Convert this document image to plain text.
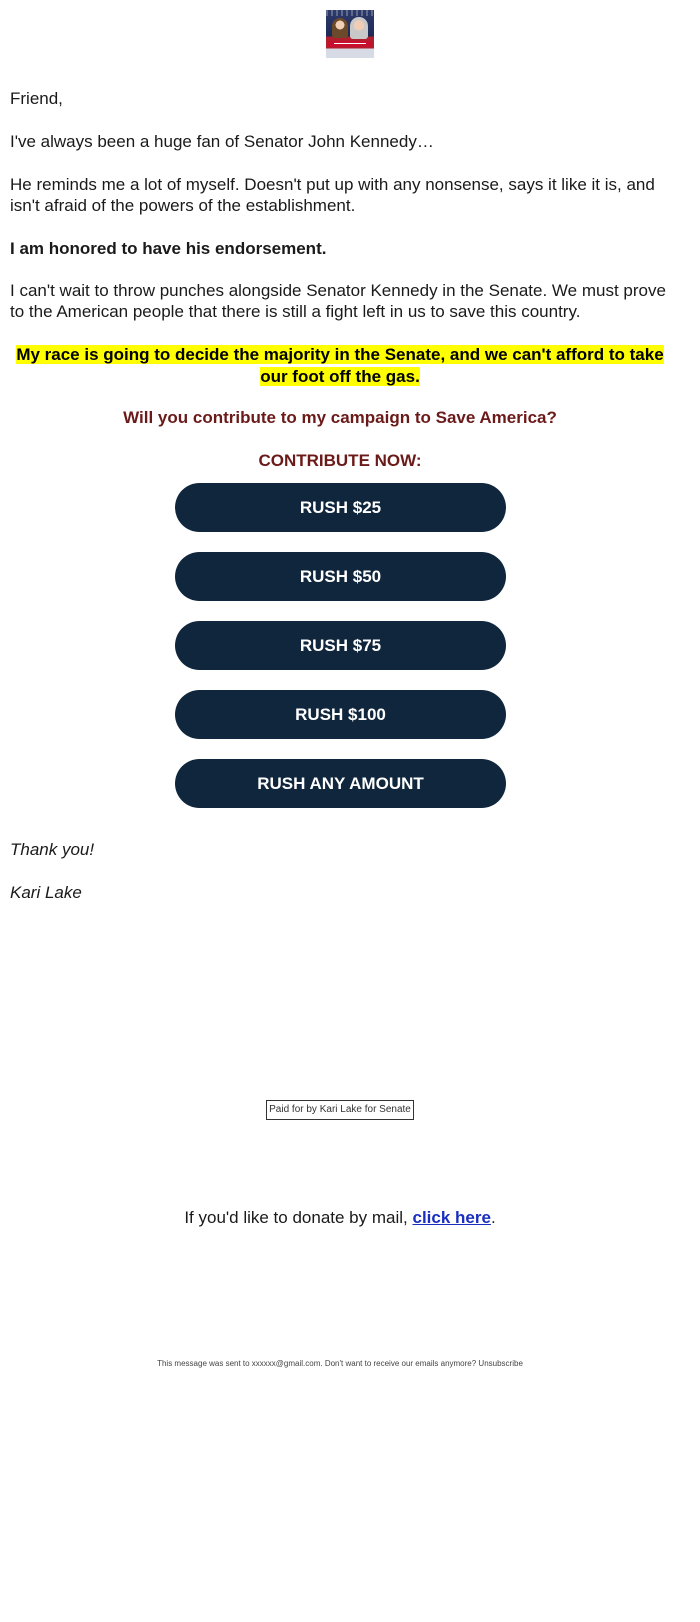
Friend,

I've always been a huge fan of Senator John Kennedy…

He reminds me a lot of myself. Doesn't put up with any nonsense, says it like it is, and isn't afraid of the powers of the establishment.

I am honored to have his endorsement.

I can't wait to throw punches alongside Senator Kennedy in the Senate. We must prove to the American people that there is still a fight left in us to save this country.

My race is going to decide the majority in the Senate, and we can't afford to take our foot off the gas.
Will you contribute to my campaign to Save America?
CONTRIBUTE NOW:
RUSH $25
RUSH $50
RUSH $75
RUSH $100
RUSH ANY AMOUNT

Thank you!

Kari Lake

Paid for by Kari Lake for Senate
If you'd like to donate by mail, click here.
This message was sent to xxxxxx@gmail.com. Don't want to receive our emails anymore? Unsubscribe
